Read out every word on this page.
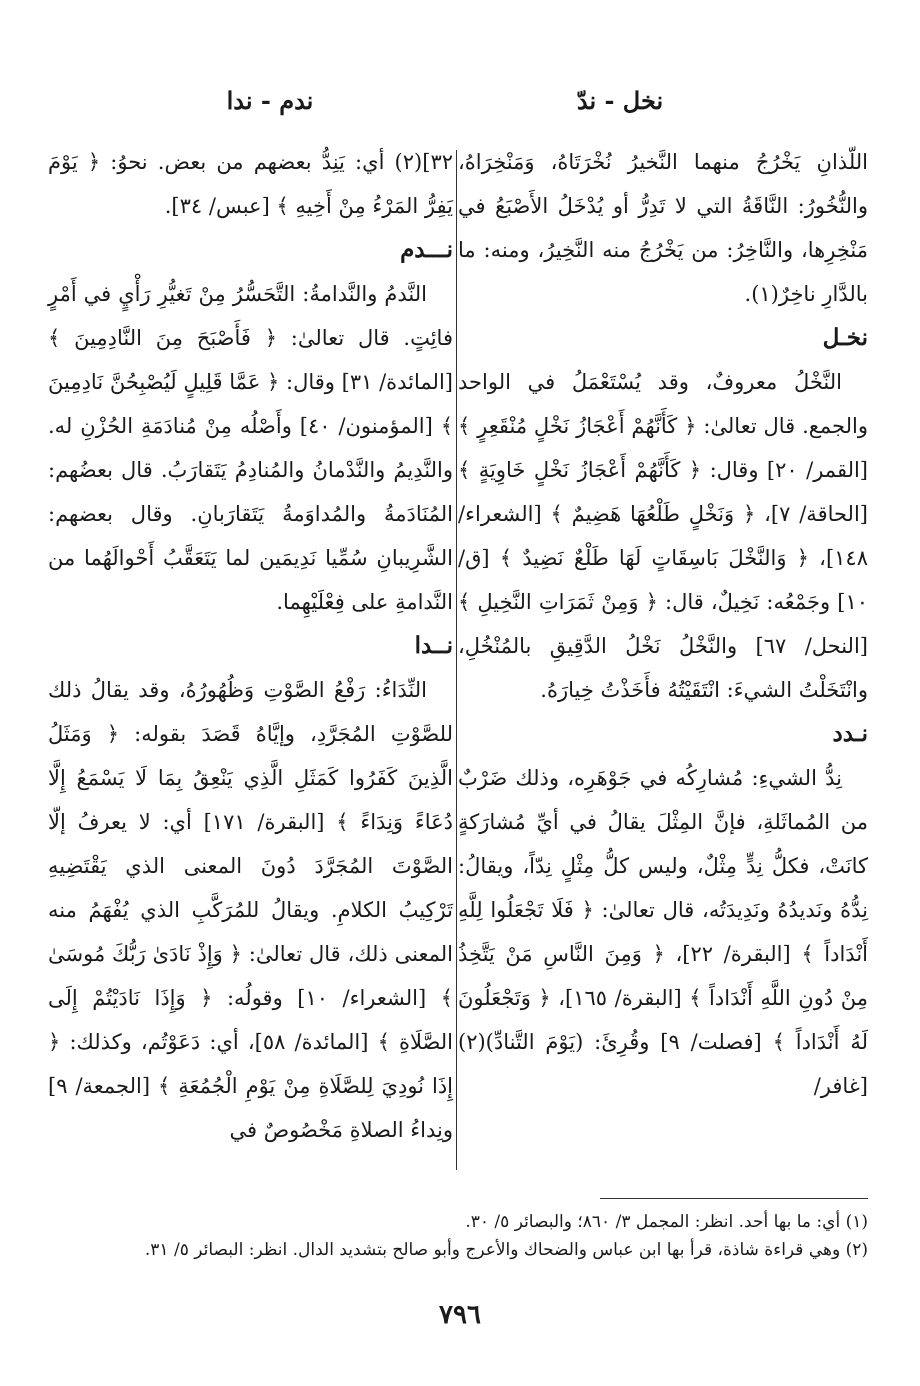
نخل - ندّ
ندم - ندا
اللّذانِ يَخْرُجُ منهما النَّخيرُ نُخْرَتَاهُ، وَمَنْخِرَاهُ، والنُّخُورُ: النَّاقَةُ التي لا تَدِرُّ أو يُدْخَلُ الأَصْبَعُ في مَنْخِرِها، والنَّاخِرُ: من يَخْرُجُ منه النَّخِيرُ، ومنه: ما بالدَّارِ ناخِرٌ(١).
نخـل
النَّخْلُ معروفٌ، وقد يُسْتَعْمَلُ في الواحد والجمع. قال تعالىٰ: ﴿ كَأَنَّهُمْ أَعْجَازُ نَخْلٍ مُنْقَعِرٍ ﴾ [القمر/ ٢٠] وقال: ﴿ كَأَنَّهُمْ أَعْجَازُ نَخْلٍ خَاوِيَةٍ ﴾ [الحاقة/ ٧]، ﴿ وَنَخْلٍ طَلْعُهَا هَضِيمٌ ﴾ [الشعراء/ ١٤٨]، ﴿ وَالنَّخْلَ بَاسِقَاتٍ لَهَا طَلْعٌ نَضِيدٌ ﴾ [ق/ ١٠] وجَمْعُه: نَخِيلٌ، قال: ﴿ وَمِنْ ثَمَرَاتِ النَّخِيلِ ﴾ [النحل/ ٦٧] والنَّخْلُ نَخْلُ الدَّقِيقِ بالمُنْخُلِ، وانْتَخَلْتُ الشيءَ: انْتَقَيْتُهُ فأَخَذْتُ خِيارَهُ.
نـدد
نِدُّ الشيءِ: مُشارِكُه في جَوْهَرِه، وذلك ضَرْبٌ من المُماثَلةِ، فإنَّ المِثْلَ يقالُ في أيِّ مُشارَكةٍ كانَتْ، فكلُّ نِدٍّ مِثْلٌ، وليس كلُّ مِثْلٍ نِدّاً، ويقالُ: نِدُّهُ ونَديدُهُ ونَدِيدَتُه، قال تعالىٰ: ﴿ فَلَا تَجْعَلُوا لِلَّهِ أَنْدَاداً ﴾ [البقرة/ ٢٢]، ﴿ وَمِنَ النَّاسِ مَنْ يَتَّخِذُ مِنْ دُونِ اللَّهِ أَنْدَاداً ﴾ [البقرة/ ١٦٥]، ﴿ وَتَجْعَلُونَ لَهُ أَنْدَاداً ﴾ [فصلت/ ٩] وقُرِئَ: (يَوْمَ التَّنادِّ)(٢) [غافر/
٣٢](٢) أي: يَنِدُّ بعضهم من بعض. نحوُ: ﴿ يَوْمَ يَفِرُّ المَرْءُ مِنْ أَخِيهِ ﴾ [عبس/ ٣٤].
نـــدم
النَّدمُ والنَّدامةُ: التَّحَسُّرُ مِنْ تَغيُّرِ رَأْيٍ في أَمْرٍ فائِتٍ. قال تعالىٰ: ﴿ فَأَصْبَحَ مِنَ النَّادِمِينَ ﴾ [المائدة/ ٣١] وقال: ﴿ عَمَّا قَلِيلٍ لَيُصْبِحُنَّ نَادِمِينَ ﴾ [المؤمنون/ ٤٠] وأَصْلُه مِنْ مُنادَمَةِ الحُزْنِ له. والنَّدِيمُ والنَّدْمانُ والمُنادِمُ يَتَقارَبُ. قال بعضُهم: المُنَادَمةُ والمُداوَمةُ يَتَقارَبانِ. وقال بعضهم: الشَّرِيبانِ سُمِّيا نَدِيمَين لما يَتَعَقَّبُ أَحْوالَهُما من النَّدامةِ على فِعْلَيْهِما.
نــدا
النِّدَاءُ: رَفْعُ الصَّوْتِ وَظُهُورُهُ، وقد يقالُ ذلك للصَّوْتِ المُجَرَّدِ، وإيَّاهُ قَصَدَ بقوله: ﴿ وَمَثَلُ الَّذِينَ كَفَرُوا كَمَثَلِ الَّذِي يَنْعِقُ بِمَا لَا يَسْمَعُ إِلَّا دُعَاءً وَنِدَاءً ﴾ [البقرة/ ١٧١] أي: لا يعرفُ إلّا الصَّوْتَ المُجَرَّدَ دُونَ المعنى الذي يَقْتَضِيهِ تَرْكِيبُ الكلامِ. ويقالُ للمُرَكَّبِ الذي يُفْهَمُ منه المعنى ذلك، قال تعالىٰ: ﴿ وَإِذْ نَادَىٰ رَبُّكَ مُوسَىٰ ﴾ [الشعراء/ ١٠] وقولُه: ﴿ وَإِذَا نَادَيْتُمْ إِلَى الصَّلَاةِ ﴾ [المائدة/ ٥٨]، أي: دَعَوْتُم، وكذلك: ﴿ إِذَا نُودِيَ لِلصَّلَاةِ مِنْ يَوْمِ الْجُمُعَةِ ﴾ [الجمعة/ ٩] ونِداءُ الصلاةِ مَخْصُوصٌ في
(١) أي: ما بها أحد. انظر: المجمل ٣/ ٨٦٠؛ والبصائر ٥/ ٣٠.
(٢) وهي قراءة شاذة، قرأ بها ابن عباس والضحاك والأعرج وأبو صالح بتشديد الدال. انظر: البصائر ٥/ ٣١.
٧٩٦
